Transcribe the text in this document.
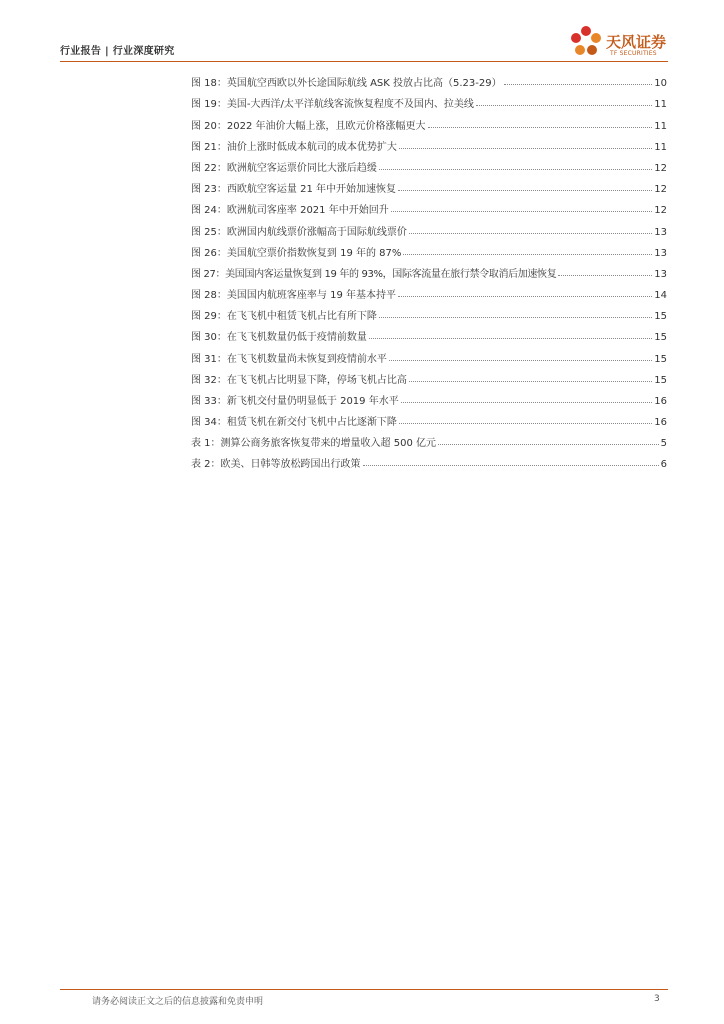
行业报告 | 行业深度研究
天风证券
TF SECURITIES
图 18：英国航空西欧以外长途国际航线 ASK 投放占比高（5.23-29）	10
图 19：美国-大西洋/太平洋航线客流恢复程度不及国内、拉美线	11
图 20：2022 年油价大幅上涨，且欧元价格涨幅更大	11
图 21：油价上涨时低成本航司的成本优势扩大	11
图 22：欧洲航空客运票价同比大涨后趋缓	12
图 23：西欧航空客运量 21 年中开始加速恢复	12
图 24：欧洲航司客座率 2021 年中开始回升	12
图 25：欧洲国内航线票价涨幅高于国际航线票价	13
图 26：美国航空票价指数恢复到 19 年的 87%	13
图 27：美国国内客运量恢复到 19 年的 93%，国际客流量在旅行禁令取消后加速恢复	13
图 28：美国国内航班客座率与 19 年基本持平	14
图 29：在飞飞机中租赁飞机占比有所下降	15
图 30：在飞飞机数量仍低于疫情前数量	15
图 31：在飞飞机数量尚未恢复到疫情前水平	15
图 32：在飞飞机占比明显下降，停场飞机占比高	15
图 33：新飞机交付量仍明显低于 2019 年水平	16
图 34：租赁飞机在新交付飞机中占比逐渐下降	16
表 1：测算公商务旅客恢复带来的增量收入超 500 亿元	5
表 2：欧美、日韩等放松跨国出行政策	6
请务必阅读正文之后的信息披露和免责申明	3
